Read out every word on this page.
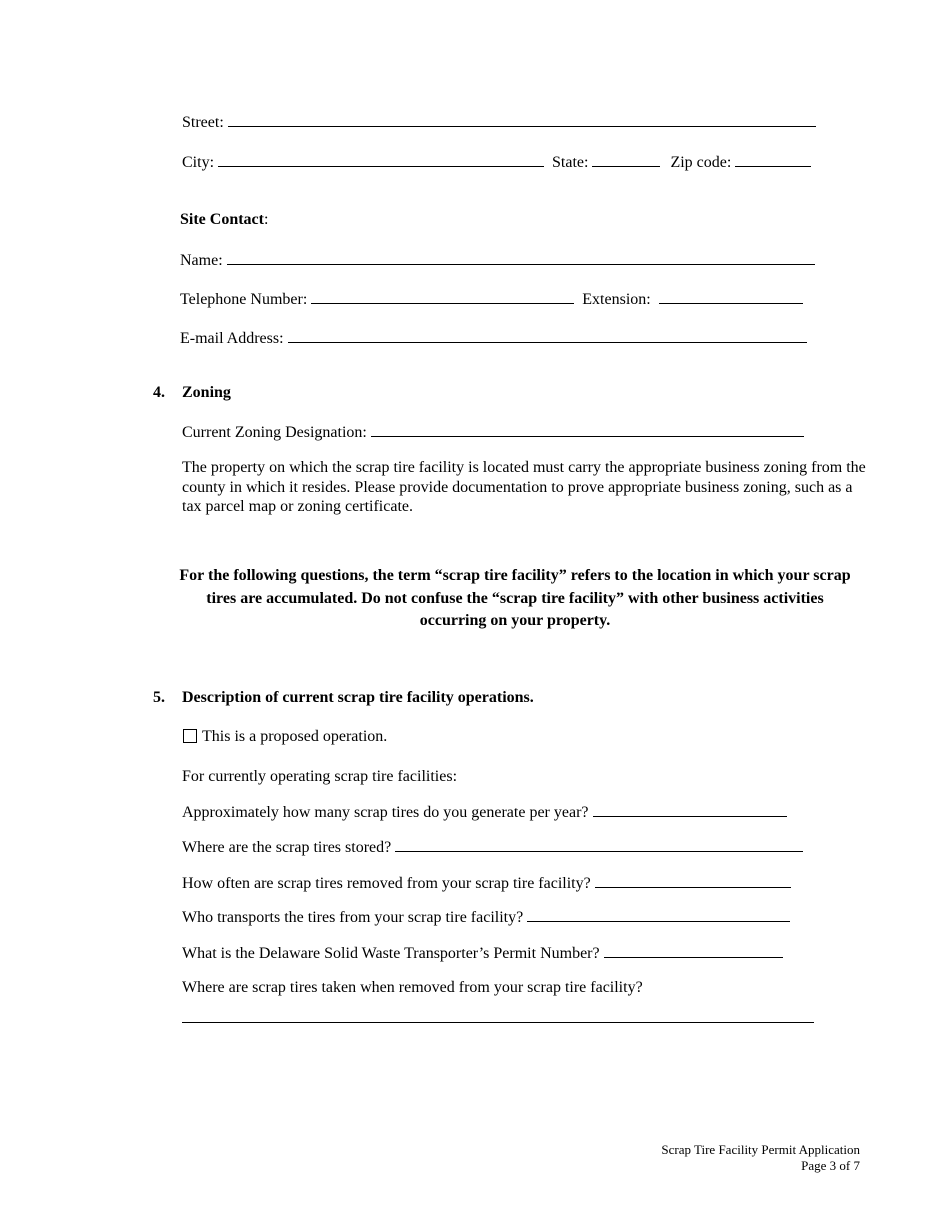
Street:
City:	State:	Zip code:
Site Contact:
Name:
Telephone Number:	Extension:
E-mail Address:
4. Zoning
Current Zoning Designation:
The property on which the scrap tire facility is located must carry the appropriate business zoning from the county in which it resides. Please provide documentation to prove appropriate business zoning, such as a tax parcel map or zoning certificate.
For the following questions, the term “scrap tire facility” refers to the location in which your scrap tires are accumulated. Do not confuse the “scrap tire facility” with other business activities occurring on your property.
5. Description of current scrap tire facility operations.
This is a proposed operation.
For currently operating scrap tire facilities:
Approximately how many scrap tires do you generate per year?
Where are the scrap tires stored?
How often are scrap tires removed from your scrap tire facility?
Who transports the tires from your scrap tire facility?
What is the Delaware Solid Waste Transporter’s Permit Number?
Where are scrap tires taken when removed from your scrap tire facility?
Scrap Tire Facility Permit Application
Page 3 of 7
